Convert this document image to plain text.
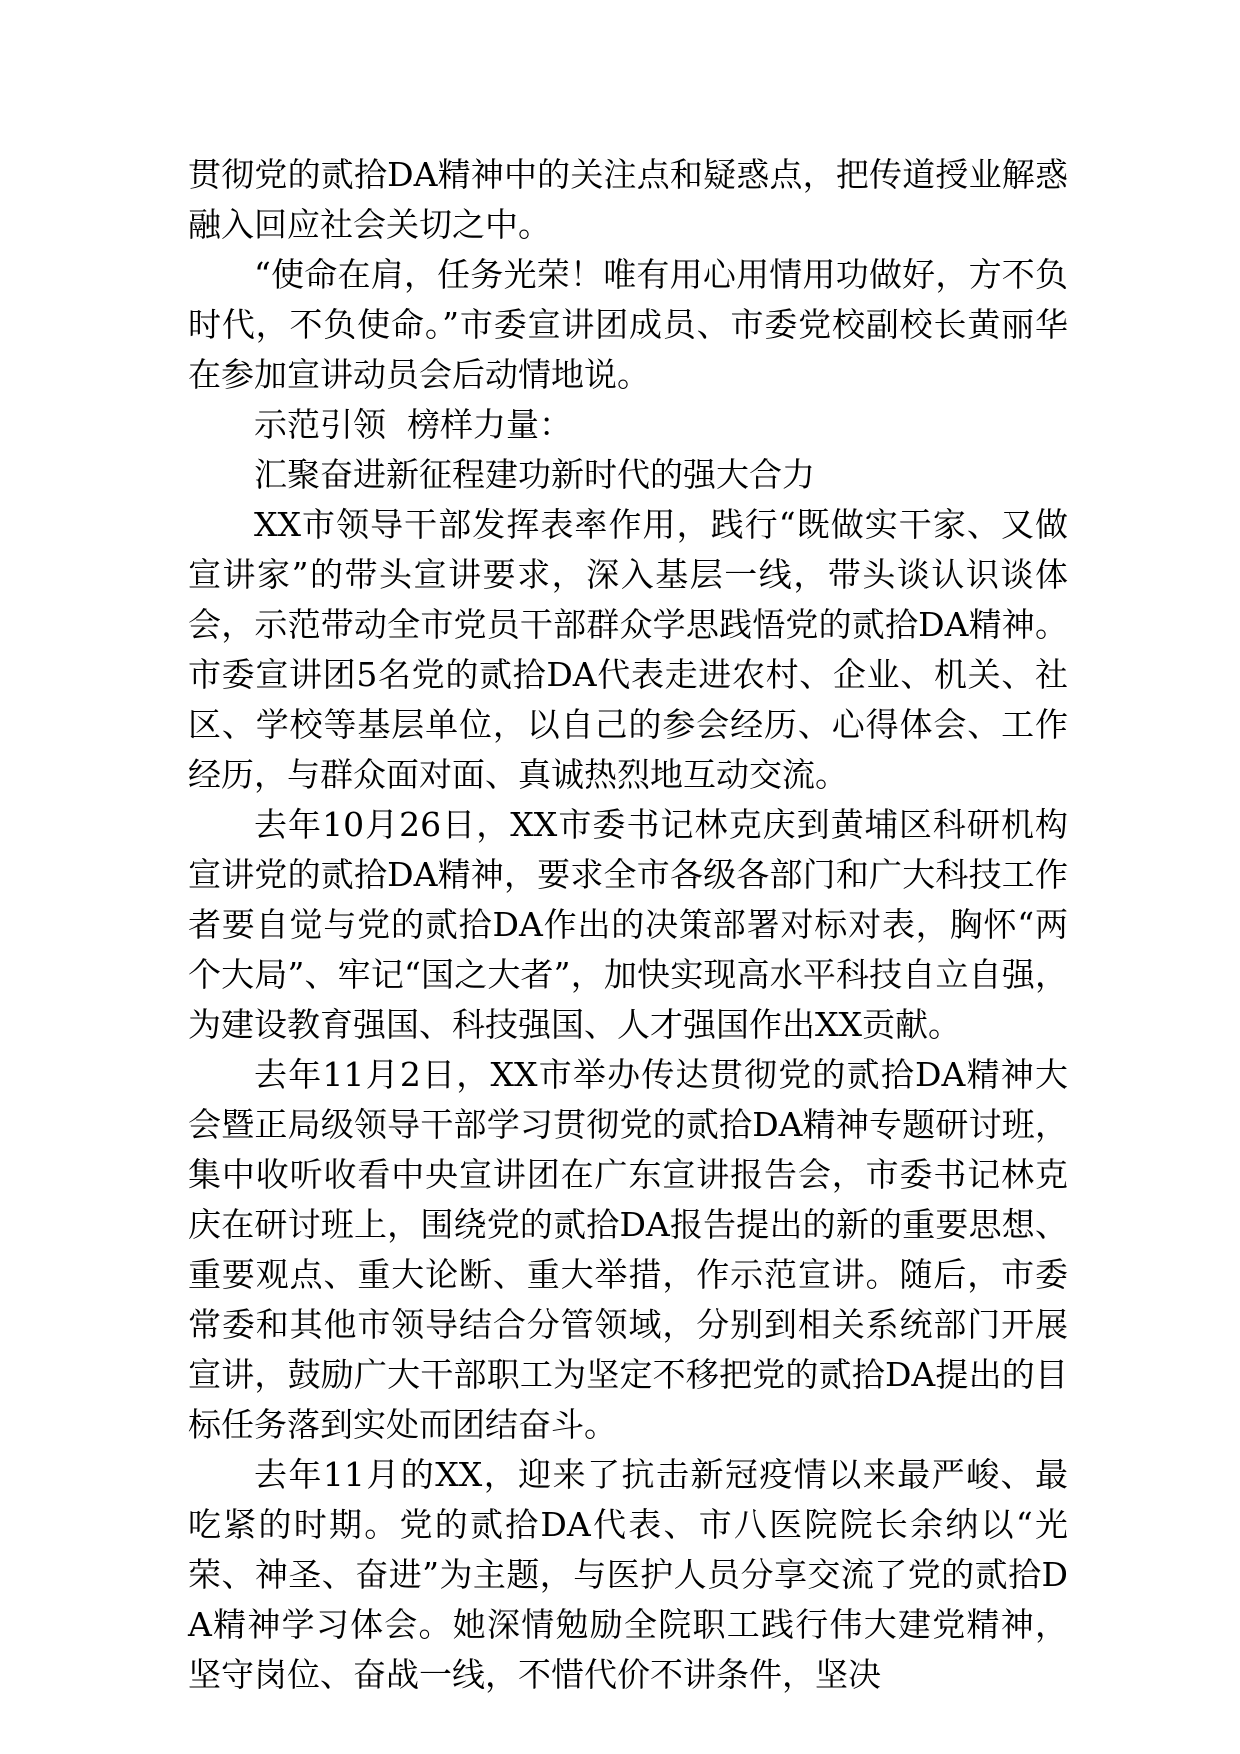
贯彻党的贰拾DA精神中的关注点和疑惑点，把传道授业解惑融入回应社会关切之中。

“使命在肩，任务光荣！唯有用心用情用功做好，方不负时代，不负使命。”市委宣讲团成员、市委党校副校长黄丽华在参加宣讲动员会后动情地说。

示范引领  榜样力量：

汇聚奋进新征程建功新时代的强大合力

XX市领导干部发挥表率作用，践行“既做实干家、又做宣讲家”的带头宣讲要求，深入基层一线，带头谈认识谈体会，示范带动全市党员干部群众学思践悟党的贰拾DA精神。市委宣讲团5名党的贰拾DA代表走进农村、企业、机关、社区、学校等基层单位，以自己的参会经历、心得体会、工作经历，与群众面对面、真诚热烈地互动交流。

去年10月26日，XX市委书记林克庆到黄埔区科研机构宣讲党的贰拾DA精神，要求全市各级各部门和广大科技工作者要自觉与党的贰拾DA作出的决策部署对标对表，胸怀“两个大局”、牢记“国之大者”，加快实现高水平科技自立自强，为建设教育强国、科技强国、人才强国作出XX贡献。

去年11月2日，XX市举办传达贯彻党的贰拾DA精神大会暨正局级领导干部学习贯彻党的贰拾DA精神专题研讨班，集中收听收看中央宣讲团在广东宣讲报告会，市委书记林克庆在研讨班上，围绕党的贰拾DA报告提出的新的重要思想、重要观点、重大论断、重大举措，作示范宣讲。随后，市委常委和其他市领导结合分管领域，分别到相关系统部门开展宣讲，鼓励广大干部职工为坚定不移把党的贰拾DA提出的目标任务落到实处而团结奋斗。

去年11月的XX，迎来了抗击新冠疫情以来最严峻、最吃紧的时期。党的贰拾DA代表、市八医院院长余纳以“光荣、神圣、奋进”为主题，与医护人员分享交流了党的贰拾DA精神学习体会。她深情勉励全院职工践行伟大建党精神，坚守岗位、奋战一线，不惜代价不讲条件，坚决
